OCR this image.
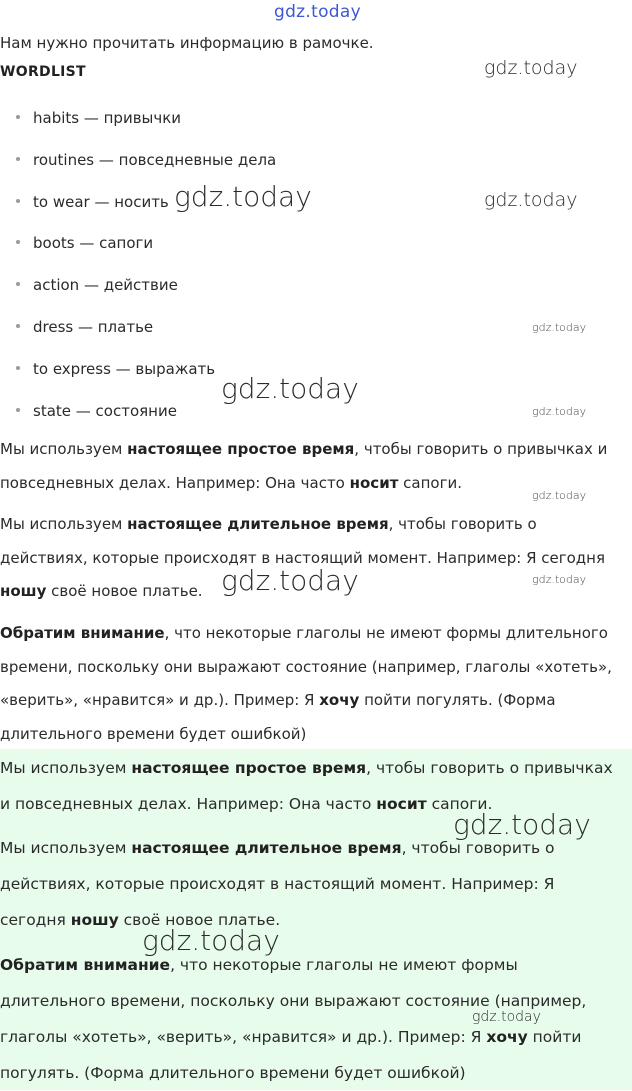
gdz.today
Нам нужно прочитать информацию в рамочке.
WORDLIST
habits — привычки
routines — повседневные дела
to wear — носить
boots — сапоги
action — действие
dress — платье
to express — выражать
state — состояние

Мы используем настоящее простое время, чтобы говорить о привычках и повседневных делах. Например: Она часто носит сапоги.

Мы используем настоящее длительное время, чтобы говорить о действиях, которые происходят в настоящий момент. Например: Я сегодня ношу своё новое платье.

Обратим внимание, что некоторые глаголы не имеют формы длительного времени, поскольку они выражают состояние (например, глаголы «хотеть», «верить», «нравится» и др.). Пример: Я хочу пойти погулять. (Форма длительного времени будет ошибкой)

Мы используем настоящее простое время, чтобы говорить о привычках и повседневных делах. Например: Она часто носит сапоги.

Мы используем настоящее длительное время, чтобы говорить о действиях, которые происходят в настоящий момент. Например: Я сегодня ношу своё новое платье.

Обратим внимание, что некоторые глаголы не имеют формы длительного времени, поскольку они выражают состояние (например, глаголы «хотеть», «верить», «нравится» и др.). Пример: Я хочу пойти погулять. (Форма длительного времени будет ошибкой)

gdz.today
gdz.today	gdz.today
gdz.today
gdz.today
gdz.today
gdz.today
gdz.today	gdz.today
gdz.today
gdz.today
gdz.today
